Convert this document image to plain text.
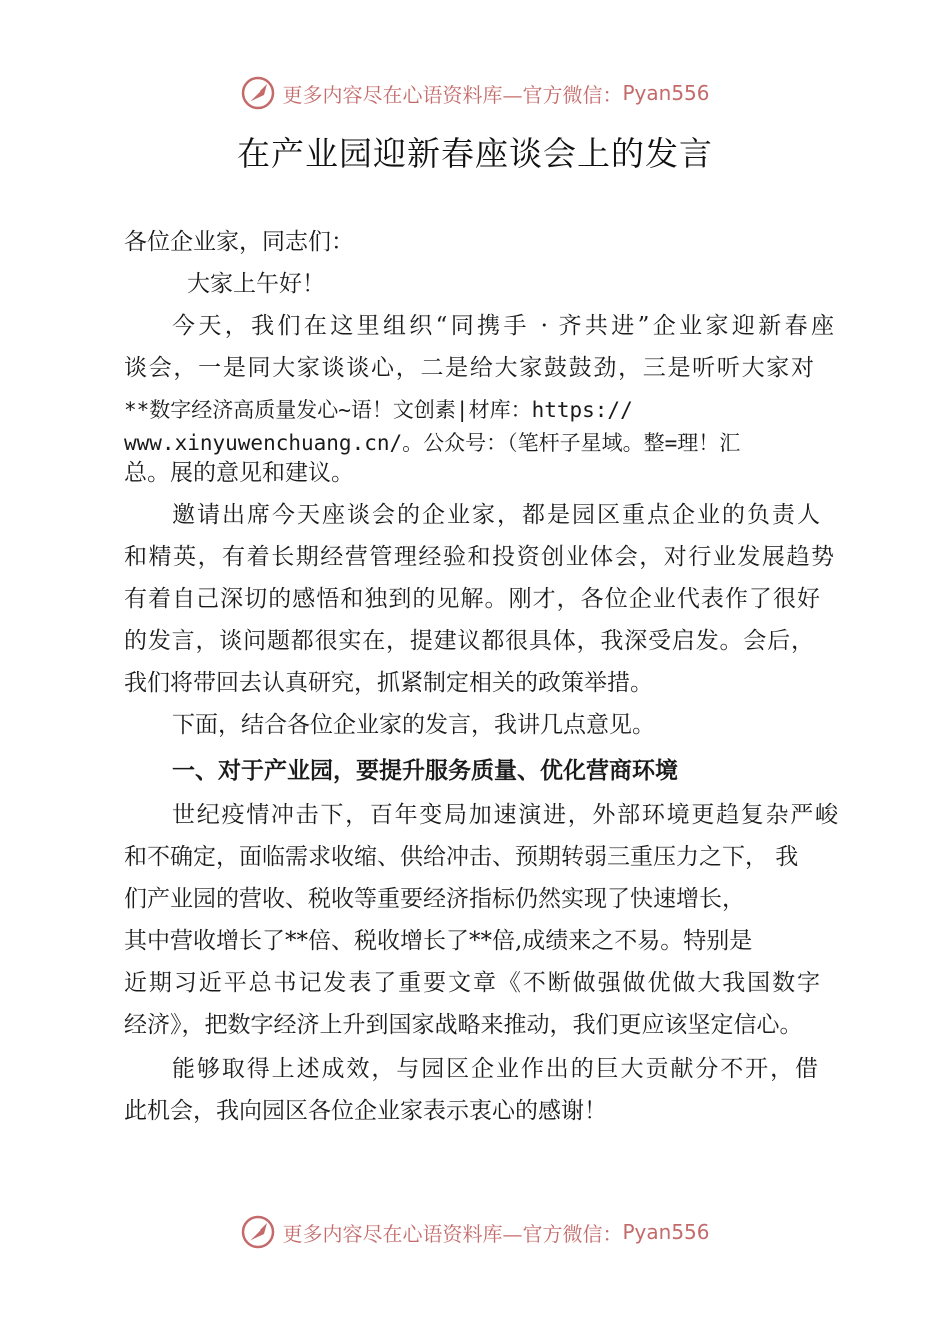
更多内容尽在心语资料库—官方微信： Pyan556
在产业园迎新春座谈会上的发言
各位企业家，同志们：
大家上午好！
今天，我们在这里组织“同携手 · 齐共进”企业家迎新春座
谈会，一是同大家谈谈心，二是给大家鼓鼓劲，三是听听大家对
**数字经济高质量发心~语！文创素|材库：https://
www.xinyuwenchuang.cn/。公众号：（笔杆子星域。整=理！汇
总。展的意见和建议。
邀请出席今天座谈会的企业家，都是园区重点企业的负责人
和精英，有着长期经营管理经验和投资创业体会，对行业发展趋势
有着自己深切的感悟和独到的见解。刚才，各位企业代表作了很好
的发言，谈问题都很实在，提建议都很具体，我深受启发。会后，
我们将带回去认真研究，抓紧制定相关的政策举措。
下面，结合各位企业家的发言，我讲几点意见。
一、对于产业园，要提升服务质量、优化营商环境
世纪疫情冲击下，百年变局加速演进，外部环境更趋复杂严峻
和不确定，面临需求收缩、供给冲击、预期转弱三重压力之下， 我
们产业园的营收、税收等重要经济指标仍然实现了快速增长，
其中营收增长了**倍、税收增长了**倍,成绩来之不易。特别是
近期习近平总书记发表了重要文章《不断做强做优做大我国数字
经济》，把数字经济上升到国家战略来推动，我们更应该坚定信心。
能够取得上述成效，与园区企业作出的巨大贡献分不开，借
此机会，我向园区各位企业家表示衷心的感谢！
更多内容尽在心语资料库—官方微信： Pyan556
